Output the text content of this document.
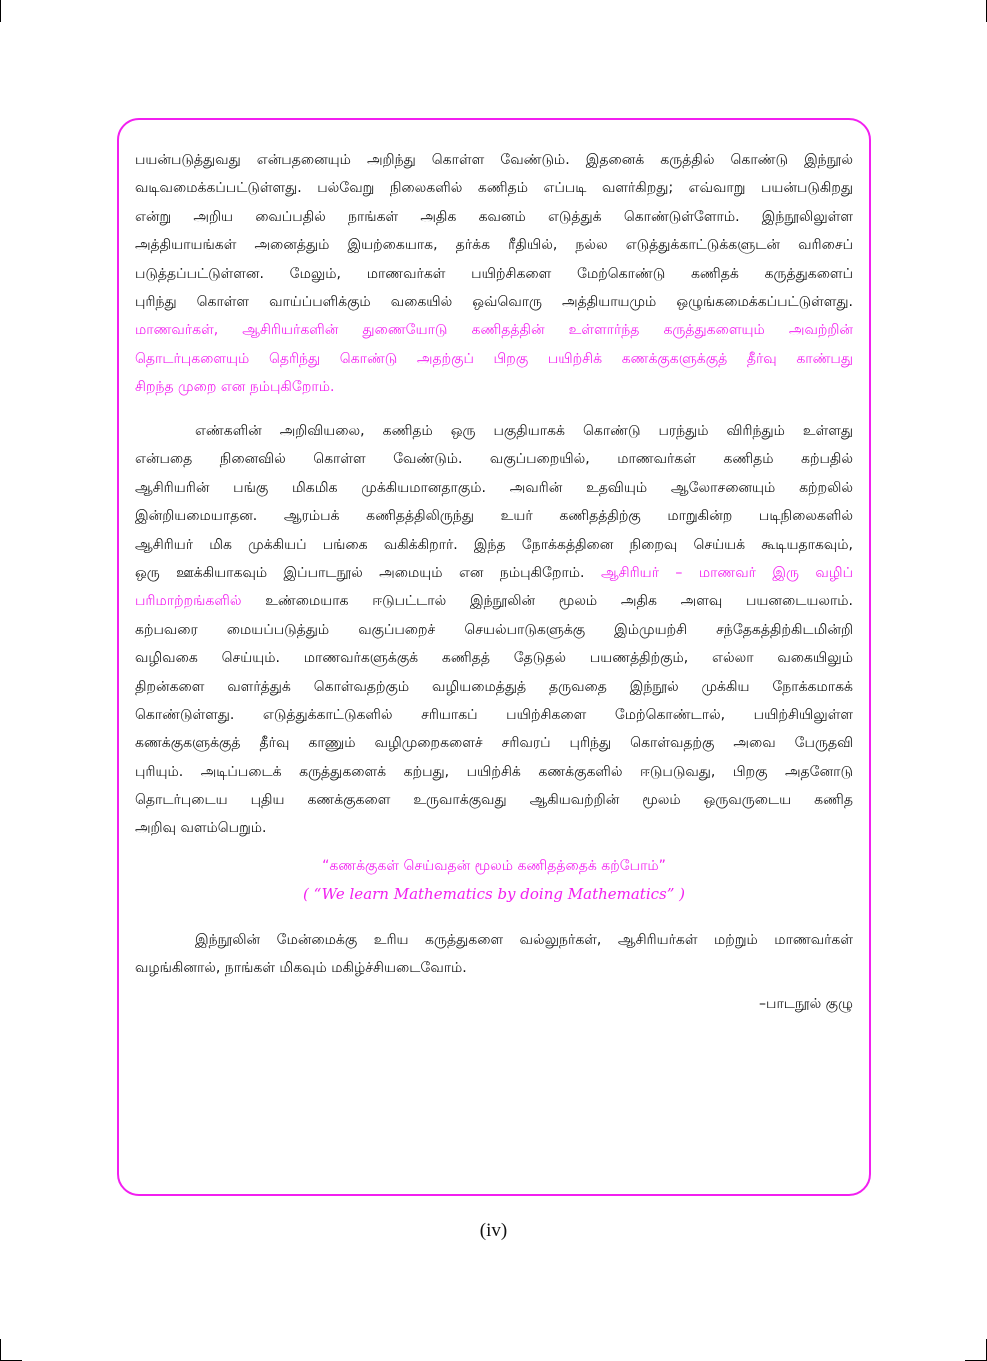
பயன்படுத்துவது என்பதனையும் அறிந்து கொள்ள வேண்டும். இதனைக் கருத்தில் கொண்டு இந்நூல்
வடிவமைக்கப்பட்டுள்ளது. பல்வேறு நிலைகளில் கணிதம் எப்படி வளர்கிறது; எவ்வாறு பயன்படுகிறது
என்று அறிய வைப்பதில் நாங்கள் அதிக கவனம் எடுத்துக் கொண்டுள்ளோம். இந்நூலிலுள்ள
அத்தியாயங்கள் அனைத்தும் இயற்கையாக, தர்க்க ரீதியில், நல்ல எடுத்துக்காட்டுக்களுடன் வரிசைப்
படுத்தப்பட்டுள்ளன. மேலும், மாணவர்கள் பயிற்சிகளை மேற்கொண்டு கணிதக் கருத்துகளைப்
புரிந்து கொள்ள வாய்ப்பளிக்கும் வகையில் ஒவ்வொரு அத்தியாயமும் ஒழுங்கமைக்கப்பட்டுள்ளது.
மாணவர்கள், ஆசிரியர்களின் துணையோடு கணிதத்தின் உள்ளார்ந்த கருத்துகளையும் அவற்றின்
தொடர்புகளையும் தெரிந்து கொண்டு அதற்குப் பிறகு பயிற்சிக் கணக்குகளுக்குத் தீர்வு காண்பது
சிறந்த முறை என நம்புகிறோம்.
எண்களின் அறிவியலை, கணிதம் ஒரு பகுதியாகக் கொண்டு பரந்தும் விரிந்தும் உள்ளது
என்பதை நினைவில் கொள்ள வேண்டும். வகுப்பறையில், மாணவர்கள் கணிதம் கற்பதில்
ஆசிரியரின் பங்கு மிகமிக முக்கியமானதாகும். அவரின் உதவியும் ஆலோசனையும் கற்றலில்
இன்றியமையாதன. ஆரம்பக் கணிதத்திலிருந்து உயர் கணிதத்திற்கு மாறுகின்ற படிநிலைகளில்
ஆசிரியர் மிக முக்கியப் பங்கை வகிக்கிறார். இந்த நோக்கத்தினை நிறைவு செய்யக் கூடியதாகவும்,
ஒரு ஊக்கியாகவும் இப்பாடநூல் அமையும் என நம்புகிறோம். ஆசிரியர் – மாணவர் இரு வழிப்
பரிமாற்றங்களில் உண்மையாக ஈடுபட்டால் இந்நூலின் மூலம் அதிக அளவு பயனடையலாம்.
கற்பவரை மையப்படுத்தும் வகுப்பறைச் செயல்பாடுகளுக்கு இம்முயற்சி சந்தேகத்திற்கிடமின்றி
வழிவகை செய்யும். மாணவர்களுக்குக் கணிதத் தேடுதல் பயணத்திற்கும், எல்லா வகையிலும்
திறன்களை வளர்த்துக் கொள்வதற்கும் வழியமைத்துத் தருவதை இந்நூல் முக்கிய நோக்கமாகக்
கொண்டுள்ளது. எடுத்துக்காட்டுகளில் சரியாகப் பயிற்சிகளை மேற்கொண்டால், பயிற்சியிலுள்ள
கணக்குகளுக்குத் தீர்வு காணும் வழிமுறைகளைச் சரிவரப் புரிந்து கொள்வதற்கு அவை பேருதவி
புரியும். அடிப்படைக் கருத்துகளைக் கற்பது, பயிற்சிக் கணக்குகளில் ஈடுபடுவது, பிறகு அதனோடு
தொடர்புடைய புதிய கணக்குகளை உருவாக்குவது ஆகியவற்றின் மூலம் ஒருவருடைய கணித
அறிவு வளம்பெறும்.
“கணக்குகள் செய்வதன் மூலம் கணிதத்தைக் கற்போம்”
( “We learn Mathematics by doing Mathematics” )
இந்நூலின் மேன்மைக்கு உரிய கருத்துகளை வல்லுநர்கள், ஆசிரியர்கள் மற்றும் மாணவர்கள்
வழங்கினால், நாங்கள் மிகவும் மகிழ்ச்சியடைவோம்.
–பாடநூல் குழு
(iv)
